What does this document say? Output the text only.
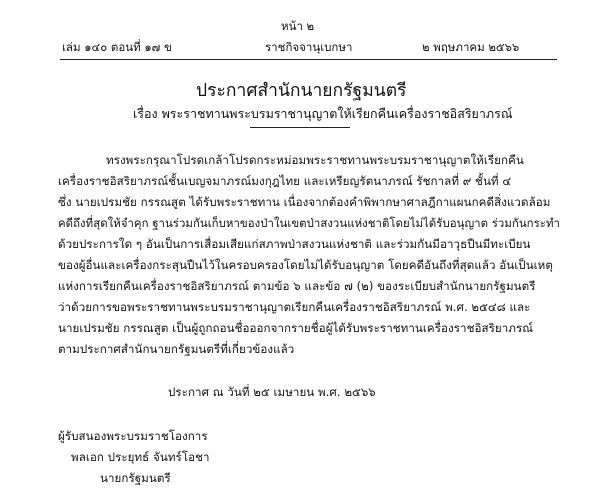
หน้า ๒
เล่ม ๑๔๐ ตอนที่ ๑๗ ข	ราชกิจจานุเบกษา	๒ พฤษภาคม ๒๕๖๖
ประกาศสำนักนายกรัฐมนตรี
เรื่อง พระราชทานพระบรมราชานุญาตให้เรียกคืนเครื่องราชอิสริยาภรณ์
ทรงพระกรุณาโปรดเกล้าโปรดกระหม่อมพระราชทานพระบรมราชานุญาตให้เรียกคืน
เครื่องราชอิสริยาภรณ์ชั้นเบญจมาภรณ์มงกุฎไทย และเหรียญรัตนาภรณ์ รัชกาลที่ ๙ ชั้นที่ ๔
ซึ่ง นายเปรมชัย กรรณสูต ได้รับพระราชทาน เนื่องจากต้องคำพิพากษาศาลฎีกาแผนกคดีสิ่งแวดล้อม
คดีถึงที่สุดให้จำคุก ฐานร่วมกันเก็บหาของป่าในเขตป่าสงวนแห่งชาติโดยไม่ได้รับอนุญาต ร่วมกันกระทำ
ด้วยประการใด ๆ อันเป็นการเสื่อมเสียแก่สภาพป่าสงวนแห่งชาติ และร่วมกันมีอาวุธปืนมีทะเบียน
ของผู้อื่นและเครื่องกระสุนปืนไว้ในครอบครองโดยไม่ได้รับอนุญาต โดยคดีอันถึงที่สุดแล้ว อันเป็นเหตุ
แห่งการเรียกคืนเครื่องราชอิสริยาภรณ์ ตามข้อ ๖ และข้อ ๗ (๒) ของระเบียบสำนักนายกรัฐมนตรี
ว่าด้วยการขอพระราชทานพระบรมราชานุญาตเรียกคืนเครื่องราชอิสริยาภรณ์ พ.ศ. ๒๕๔๘ และ
นายเปรมชัย กรรณสูต เป็นผู้ถูกถอนชื่อออกจากรายชื่อผู้ได้รับพระราชทานเครื่องราชอิสริยาภรณ์
ตามประกาศสำนักนายกรัฐมนตรีที่เกี่ยวข้องแล้ว
ประกาศ ณ วันที่ ๒๕ เมษายน พ.ศ. ๒๕๖๖
ผู้รับสนองพระบรมราชโองการ
พลเอก ประยุทธ์ จันทร์โอชา
นายกรัฐมนตรี
